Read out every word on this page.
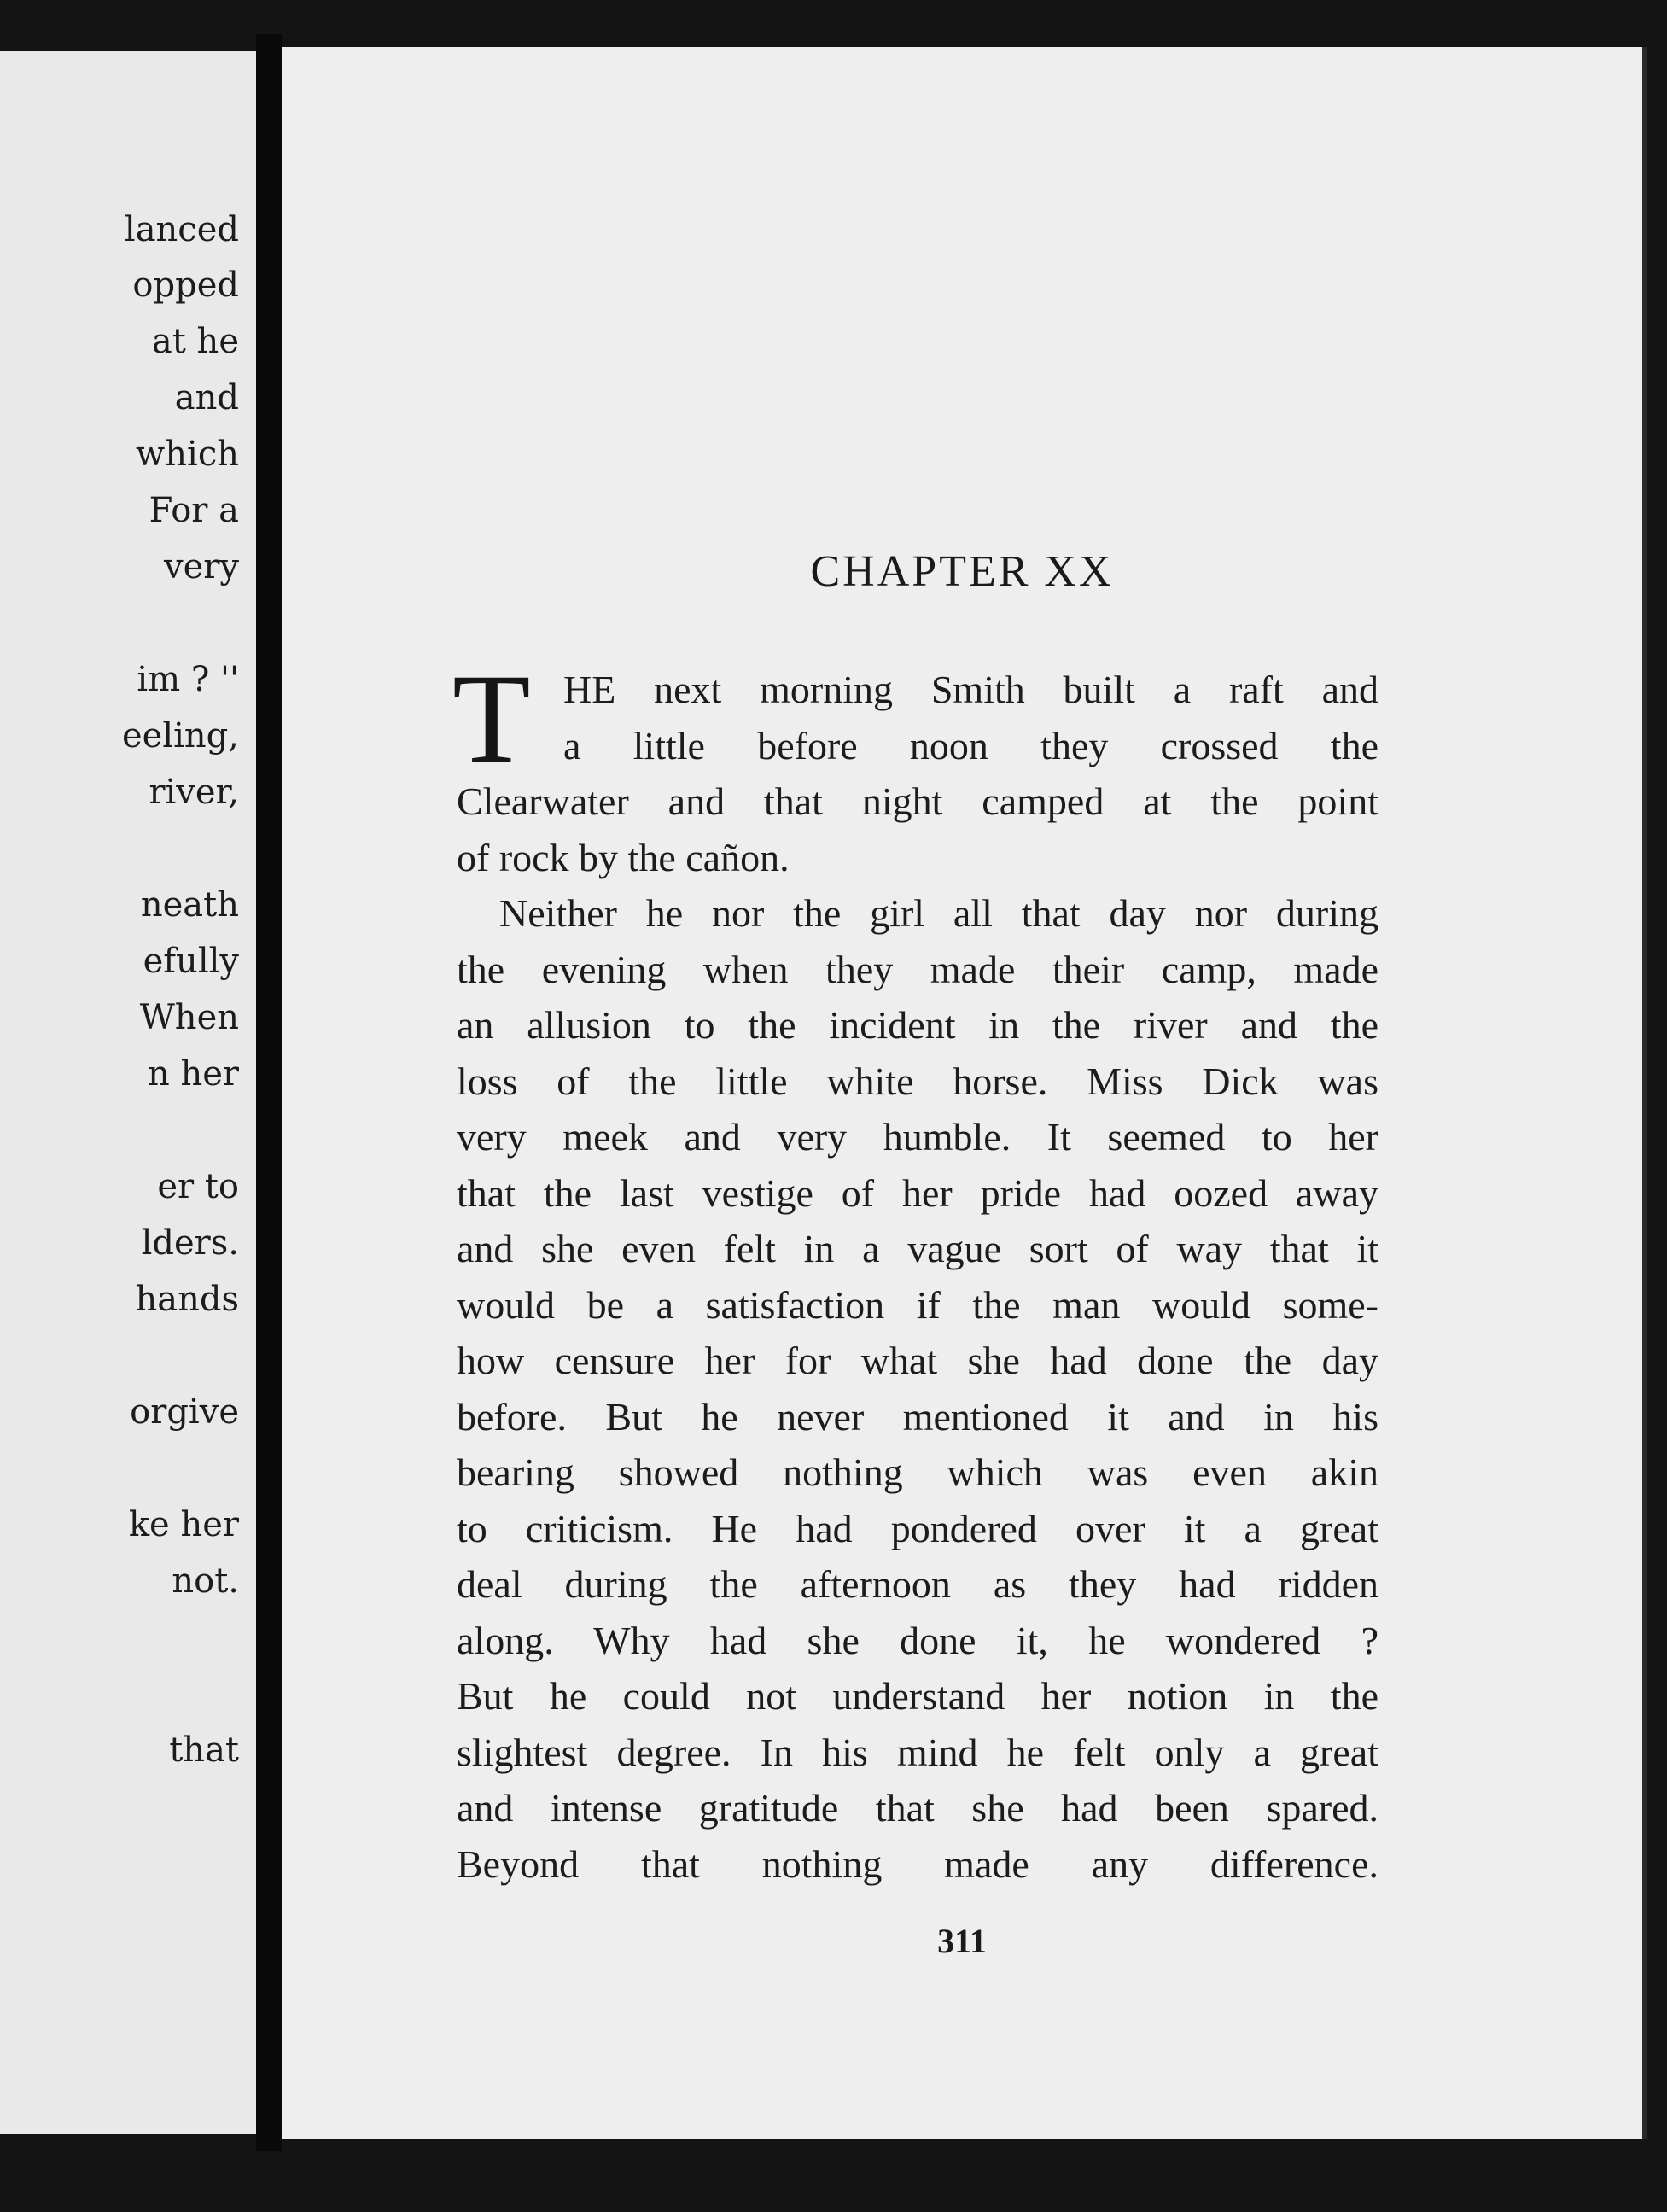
lanced
opped
at he
and
which
For a
very
im ? ''
eeling,
river,
neath
efully
When
n her
er to
lders.
hands
orgive
ke her
not.
that
CHAPTER XX
T HE next morning Smith built a raft and
a little before noon they crossed the
Clearwater and that night camped at the point
of rock by the cañon.
Neither he nor the girl all that day nor during
the evening when they made their camp, made
an allusion to the incident in the river and the
loss of the little white horse. Miss Dick was
very meek and very humble. It seemed to her
that the last vestige of her pride had oozed away
and she even felt in a vague sort of way that it
would be a satisfaction if the man would some-
how censure her for what she had done the day
before. But he never mentioned it and in his
bearing showed nothing which was even akin
to criticism. He had pondered over it a great
deal during the afternoon as they had ridden
along. Why had she done it, he wondered ?
But he could not understand her notion in the
slightest degree. In his mind he felt only a great
and intense gratitude that she had been spared.
Beyond that nothing made any difference.
311
